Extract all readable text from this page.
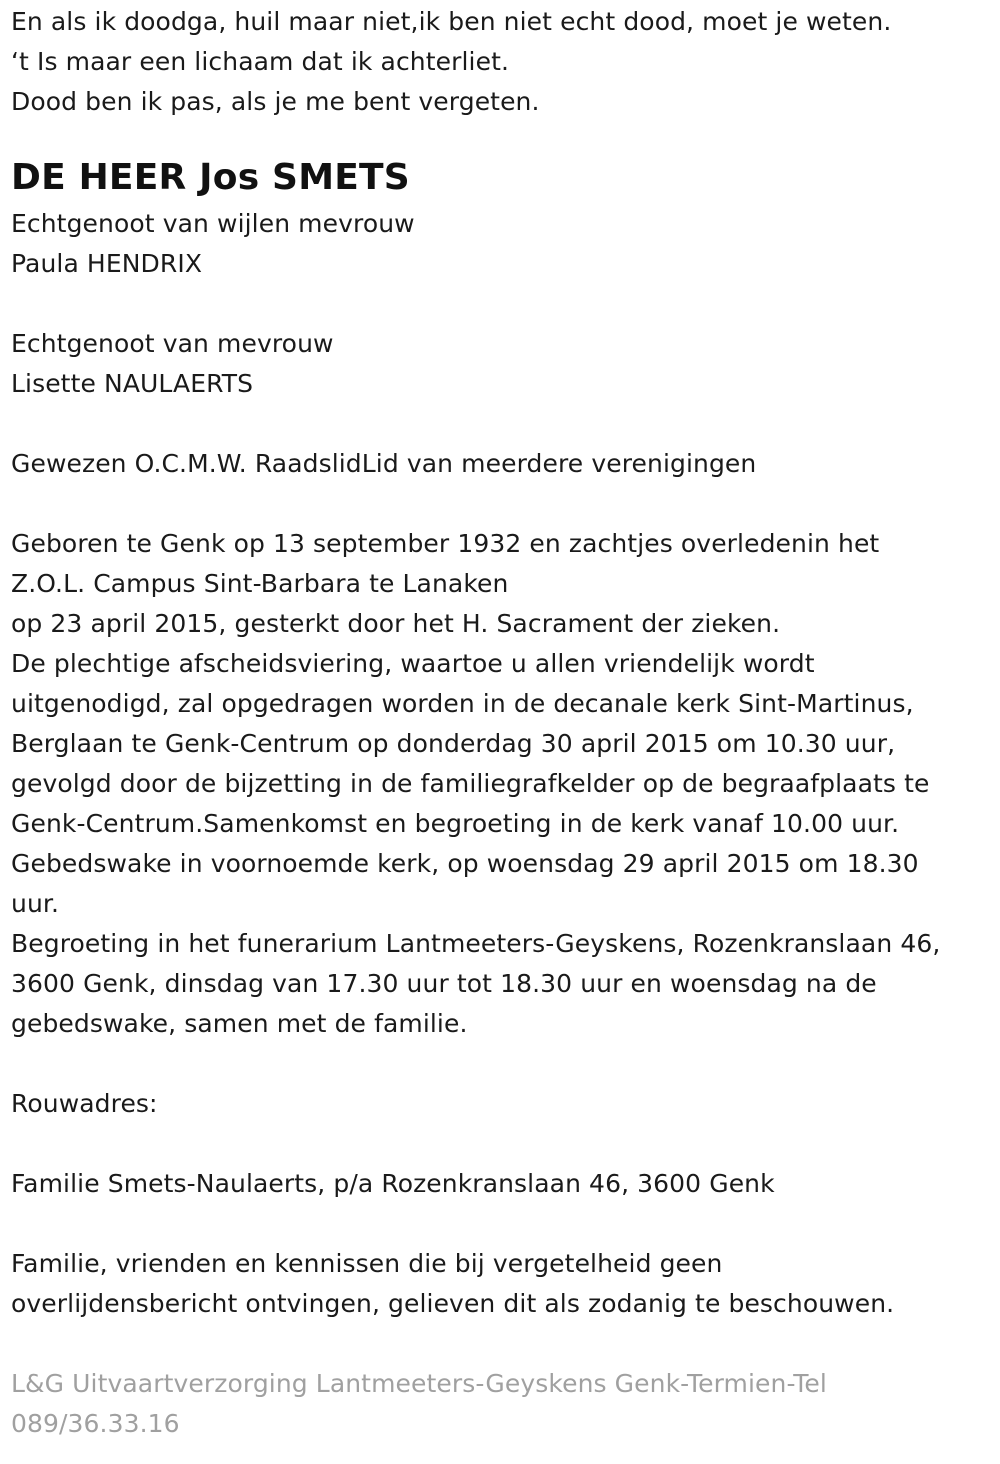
En als ik doodga, huil maar niet,ik ben niet echt dood, moet je weten.
‘t Is maar een lichaam dat ik achterliet.
Dood ben ik pas, als je me bent vergeten.
DE HEER Jos SMETS
Echtgenoot van wijlen mevrouw
Paula HENDRIX
Echtgenoot van mevrouw
Lisette NAULAERTS
Gewezen O.C.M.W. RaadslidLid van meerdere verenigingen
Geboren te Genk op 13 september 1932 en zachtjes overledenin het
Z.O.L. Campus Sint-Barbara te Lanaken
op 23 april 2015, gesterkt door het H. Sacrament der zieken.
De plechtige afscheidsviering, waartoe u allen vriendelijk wordt
uitgenodigd, zal opgedragen worden in de decanale kerk Sint-Martinus,
Berglaan te Genk-Centrum op donderdag 30 april 2015 om 10.30 uur,
gevolgd door de bijzetting in de familiegrafkelder op de begraafplaats te
Genk-Centrum.Samenkomst en begroeting in de kerk vanaf 10.00 uur.
Gebedswake in voornoemde kerk, op woensdag 29 april 2015 om 18.30
uur.
Begroeting in het funerarium Lantmeeters-Geyskens, Rozenkranslaan 46,
3600 Genk, dinsdag van 17.30 uur tot 18.30 uur en woensdag na de
gebedswake, samen met de familie.
Rouwadres:
Familie Smets-Naulaerts, p/a Rozenkranslaan 46, 3600 Genk
Familie, vrienden en kennissen die bij vergetelheid geen
overlijdensbericht ontvingen, gelieven dit als zodanig te beschouwen.
L&G Uitvaartverzorging Lantmeeters-Geyskens Genk-Termien-Tel
089/36.33.16
